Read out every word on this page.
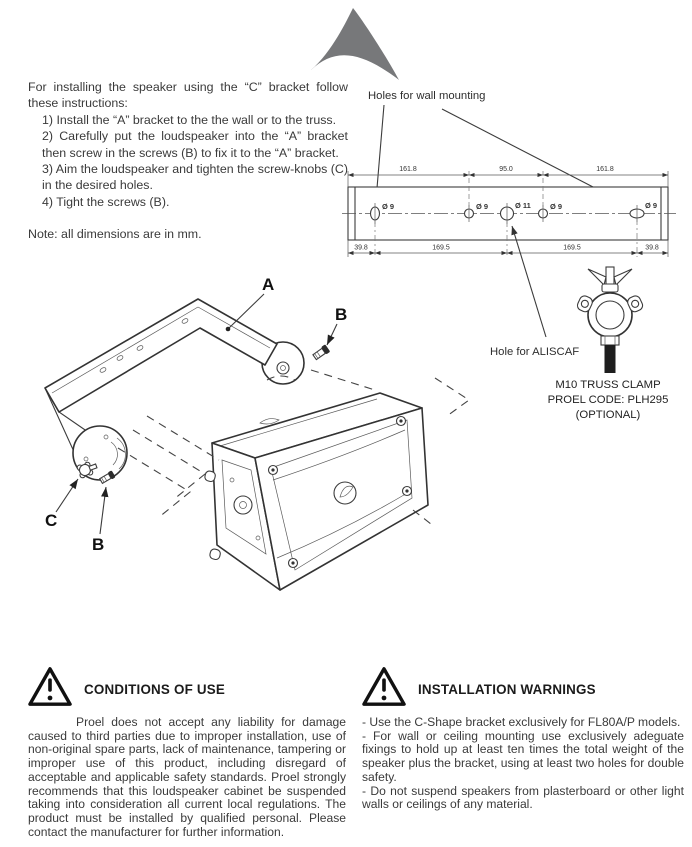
For installing the speaker using the “C” bracket follow these instructions:

1) Install the “A” bracket to the the wall or to the truss.

2) Carefully put the loudspeaker into the “A” bracket then screw in the screws (B) to fix it to the “A” bracket.

3) Aim the loudspeaker and tighten the screw-knobs (C) in the desired holes.

4) Tight the screws (B).

Note: all dimensions are in mm.

Holes for wall mounting
Ø 9	Ø 9	Ø 11	Ø 9	Ø 9
161.8	95.0	161.8
39.8	169.5	169.5	39.8
Hole for ALISCAF
M10 TRUSS CLAMP
PROEL CODE: PLH295
(OPTIONAL)
A
B
C
B
CONDITIONS OF USE

Proel does not accept any liability for damage caused to third parties due to improper installation, use of non-original spare parts, lack of maintenance, tampering or improper use of this product, including disregard of acceptable and applicable safety standards. Proel strongly recommends that this loudspeaker cabinet be suspended taking into consideration all current local regulations. The product must be installed by qualified personal. Please contact the manufacturer for further information.

INSTALLATION WARNINGS

- Use the C-Shape bracket exclusively for FL80A/P models.

- For wall or ceiling mounting use exclusively adeguate fixings to hold up at least ten times the total weight of the speaker plus the bracket, using at least two holes for double safety.

- Do not suspend speakers from plasterboard or other light walls or ceilings of any material.
